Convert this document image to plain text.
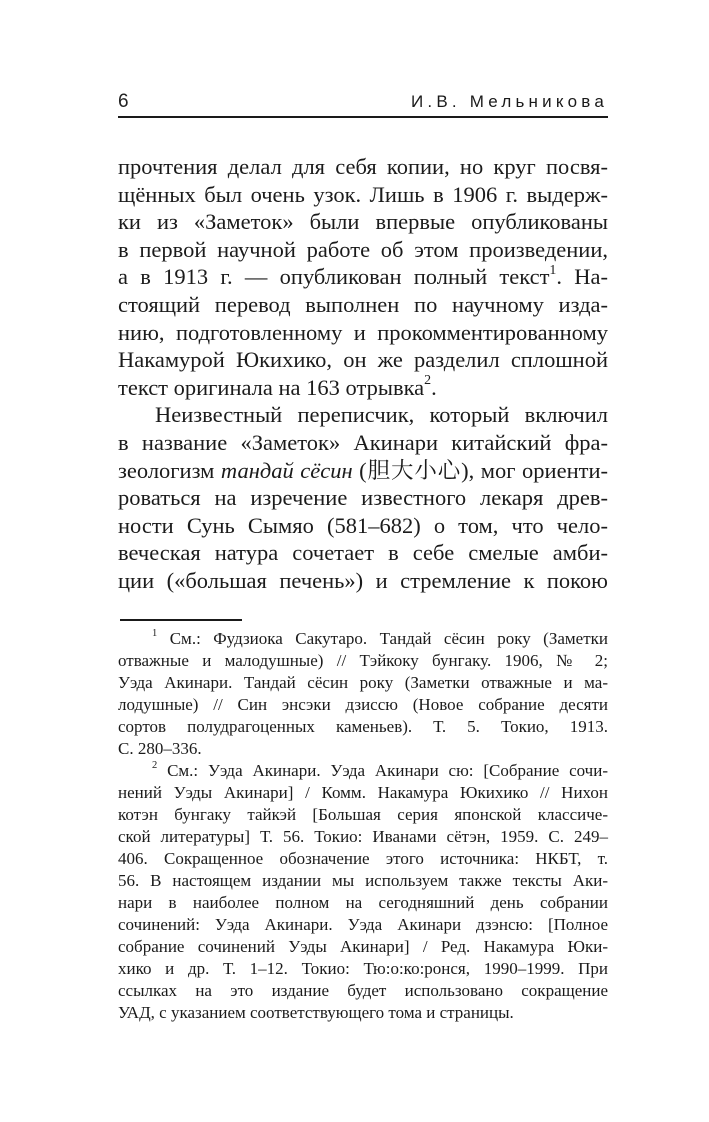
6	И.В. Мельникова
прочтения делал для себя копии, но круг посвя-
щённых был очень узок. Лишь в 1906 г. выдерж-
ки из «Заметок» были впервые опубликованы
в первой научной работе об этом произведении,
а в 1913 г. — опубликован полный текст$^1$. На-
стоящий перевод выполнен по научному изда-
нию, подготовленному и прокомментированному
Накамурой Юкихико, он же разделил сплошной
текст оригинала на 163 отрывка$^2$.
Неизвестный переписчик, который включил
в название «Заметок» Акинари китайский фра-
зеологизм тандай сёсин (胆大小心), мог ориенти-
роваться на изречение известного лекаря древ-
ности Сунь Сымяо (581–682) о том, что чело-
веческая натура сочетает в себе смелые амби-
ции («большая печень») и стремление к покою
$^1$ См.: Фудзиока Сакутаро. Тандай сёсин року (Заметки
отважные и малодушные) // Тэйкоку бунгаку. 1906, № 2;
Уэда Акинари. Тандай сёсин року (Заметки отважные и ма-
лодушные) // Син энсэки дзиссю (Новое собрание десяти
сортов полудрагоценных каменьев). Т. 5. Токио, 1913.
С. 280–336.
$^2$ См.: Уэда Акинари. Уэда Акинари сю: [Собрание сочи-
нений Уэды Акинари] / Комм. Накамура Юкихико // Нихон
котэн бунгаку тайкэй [Большая серия японской классиче-
ской литературы] Т. 56. Токио: Иванами сётэн, 1959. С. 249–
406. Сокращенное обозначение этого источника: НКБТ, т.
56. В настоящем издании мы используем также тексты Аки-
нари в наиболее полном на сегодняшний день собрании
сочинений: Уэда Акинари. Уэда Акинари дзэнсю: [Полное
собрание сочинений Уэды Акинари] / Ред. Накамура Юки-
хико и др. Т. 1–12. Токио: Тю:о:ко:ронся, 1990–1999. При
ссылках на это издание будет использовано сокращение
УАД, с указанием соответствующего тома и страницы.
